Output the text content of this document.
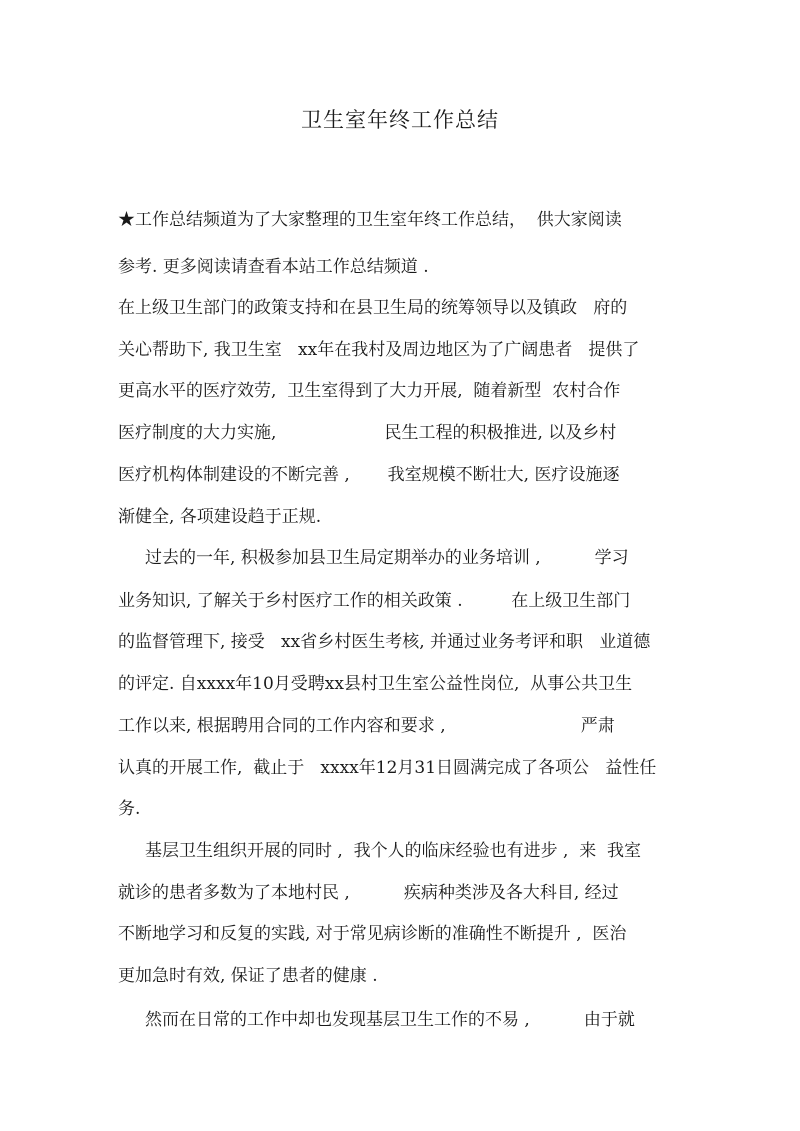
卫生室年终工作总结
★工作总结频道为了大家整理的卫生室年终工作总结，  供大家阅读
参考. 更多阅读请查看本站工作总结频道 .
在上级卫生部门的政策支持和在县卫生局的统筹领导以及镇政   府的
关心帮助下, 我卫生室   xx年在我村及周边地区为了广阔患者   提供了
更高水平的医疗效劳,  卫生室得到了大力开展,  随着新型  农村合作
医疗制度的大力实施,                    民生工程的积极推进, 以及乡村
医疗机构体制建设的不断完善 ,       我室规模不断壮大, 医疗设施逐
渐健全, 各项建设趋于正规.
过去的一年, 积极参加县卫生局定期举办的业务培训 ,          学习
业务知识, 了解关于乡村医疗工作的相关政策 .         在上级卫生部门
的监督管理下, 接受   xx省乡村医生考核, 并通过业务考评和职   业道德
的评定. 自xxxx年10月受聘xx县村卫生室公益性岗位,  从事公共卫生
工作以来, 根据聘用合同的工作内容和要求 ,                         严肃
认真的开展工作,  截止于   xxxx年12月31日圆满完成了各项公   益性任
务.
基层卫生组织开展的同时 ,  我个人的临床经验也有进步 ,  来  我室
就诊的患者多数为了本地村民 ,          疾病种类涉及各大科目, 经过
不断地学习和反复的实践, 对于常见病诊断的准确性不断提升 ,  医治
更加急时有效, 保证了患者的健康 .
然而在日常的工作中却也发现基层卫生工作的不易 ,          由于就
